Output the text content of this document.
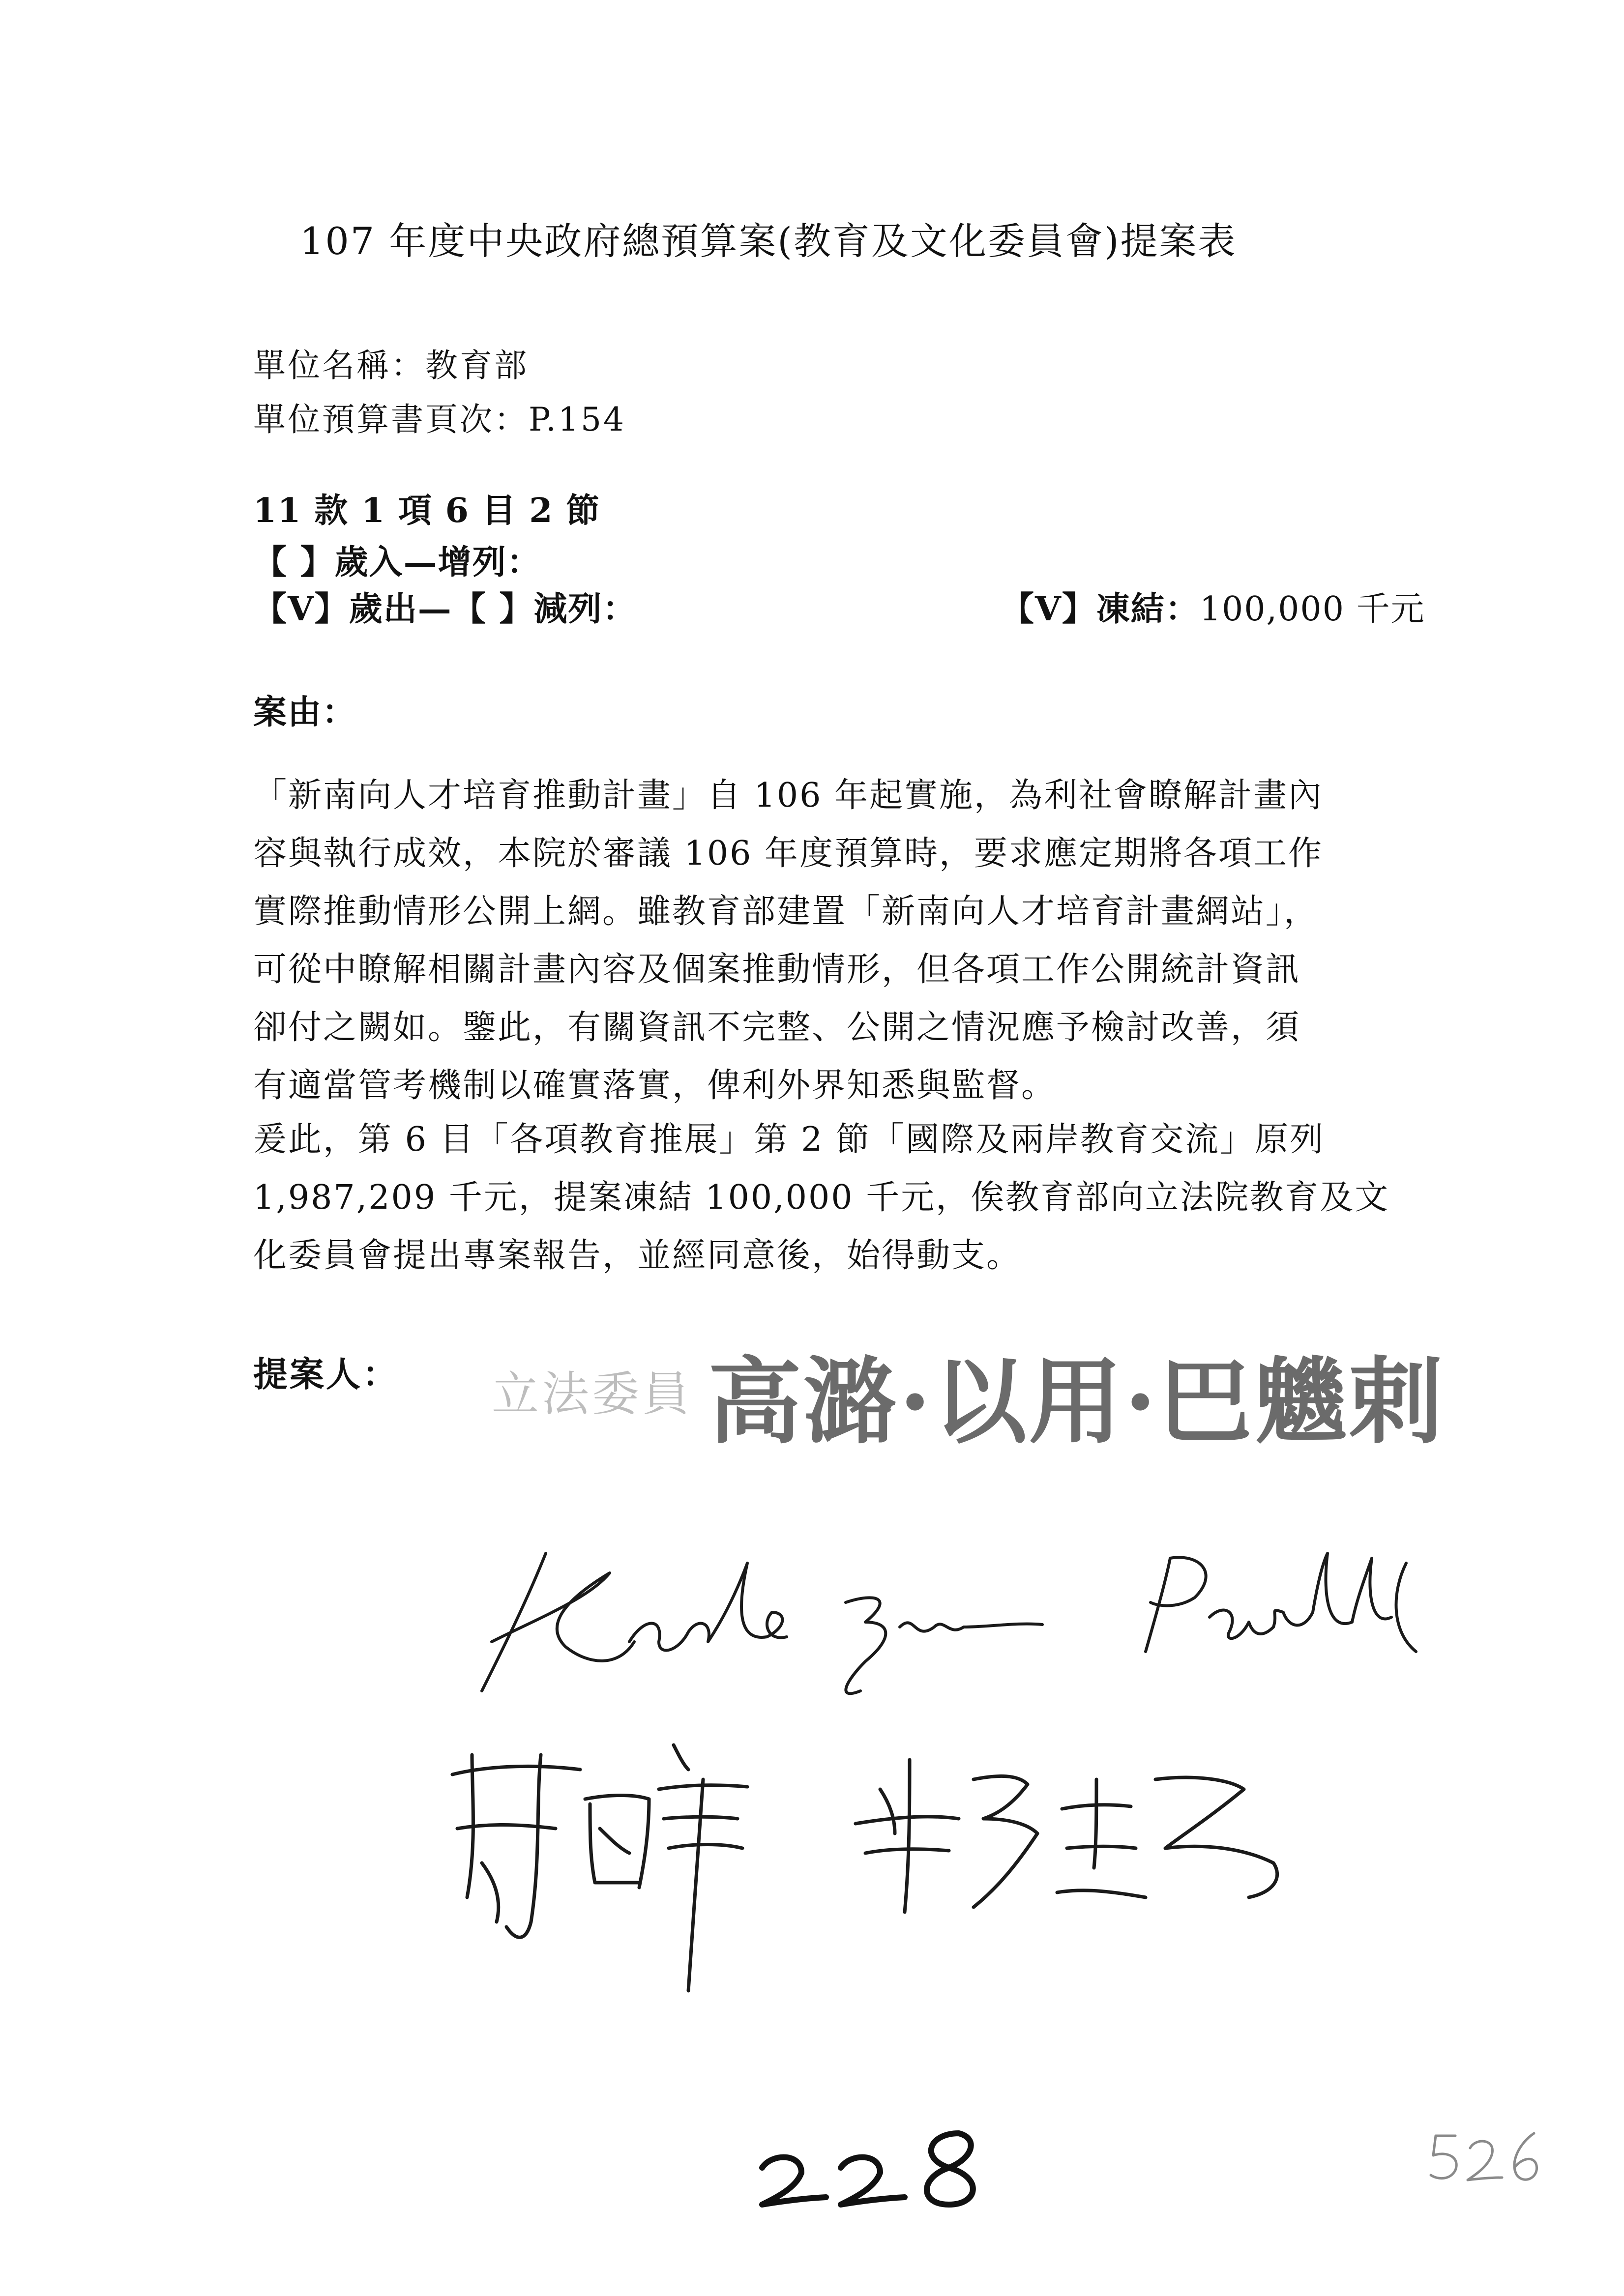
107 年度中央政府總預算案(教育及文化委員會)提案表
單位名稱：教育部
單位預算書頁次：P.154
11 款 1 項 6 目 2 節
【 】歲入—增列：
【V】歲出—【 】減列：	【V】凍結：100,000 千元
案由：

「新南向人才培育推動計畫」自 106 年起實施，為利社會瞭解計畫內

容與執行成效，本院於審議 106 年度預算時，要求應定期將各項工作

實際推動情形公開上網。雖教育部建置「新南向人才培育計畫網站」，

可從中瞭解相關計畫內容及個案推動情形，但各項工作公開統計資訊

卻付之闕如。鑒此，有關資訊不完整、公開之情況應予檢討改善，須

有適當管考機制以確實落實，俾利外界知悉與監督。

爰此，第 6 目「各項教育推展」第 2 節「國際及兩岸教育交流」原列

1,987,209 千元，提案凍結 100,000 千元，俟教育部向立法院教育及文

化委員會提出專案報告，並經同意後，始得動支。

提案人： 立法委員 高潞·以用·巴魕剌
